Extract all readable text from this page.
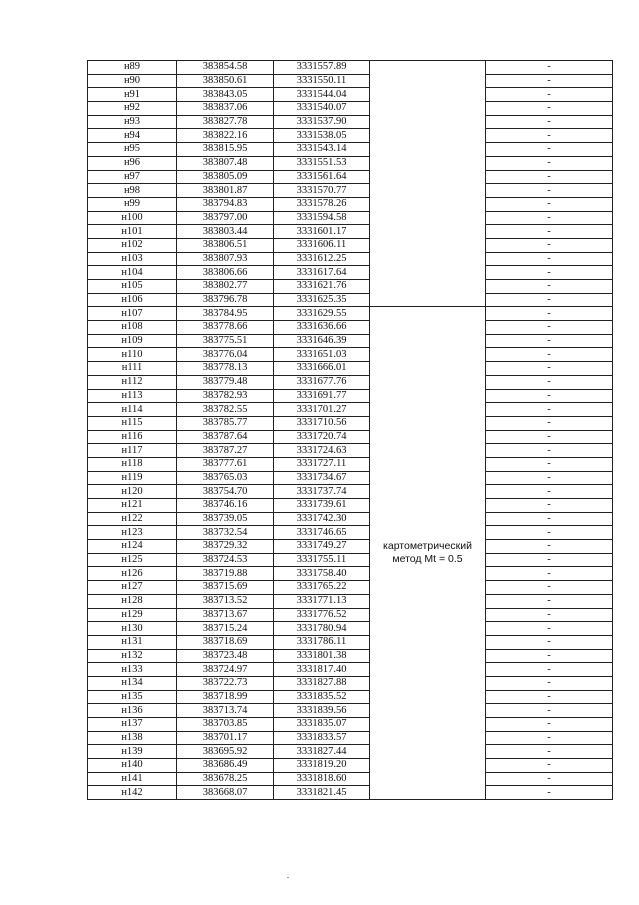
н89	383854.58	3331557.89		-
н90	383850.61	3331550.11		-
н91	383843.05	3331544.04		-
н92	383837.06	3331540.07		-
н93	383827.78	3331537.90		-
н94	383822.16	3331538.05		-
н95	383815.95	3331543.14		-
н96	383807.48	3331551.53		-
н97	383805.09	3331561.64		-
н98	383801.87	3331570.77		-
н99	383794.83	3331578.26		-
н100	383797.00	3331594.58		-
н101	383803.44	3331601.17		-
н102	383806.51	3331606.11		-
н103	383807.93	3331612.25		-
н104	383806.66	3331617.64		-
н105	383802.77	3331621.76		-
н106	383796.78	3331625.35		-
н107	383784.95	3331629.55	картометрический метод Mt = 0.5	-
н108	383778.66	3331636.66		-
н109	383775.51	3331646.39		-
н110	383776.04	3331651.03		-
н111	383778.13	3331666.01		-
н112	383779.48	3331677.76		-
н113	383782.93	3331691.77		-
н114	383782.55	3331701.27		-
н115	383785.77	3331710.56		-
н116	383787.64	3331720.74		-
н117	383787.27	3331724.63		-
н118	383777.61	3331727.11		-
н119	383765.03	3331734.67		-
н120	383754.70	3331737.74		-
н121	383746.16	3331739.61		-
н122	383739.05	3331742.30		-
н123	383732.54	3331746.65		-
н124	383729.32	3331749.27		-
н125	383724.53	3331755.11		-
н126	383719.88	3331758.40		-
н127	383715.69	3331765.22		-
н128	383713.52	3331771.13		-
н129	383713.67	3331776.52		-
н130	383715.24	3331780.94		-
н131	383718.69	3331786.11		-
н132	383723.48	3331801.38		-
н133	383724.97	3331817.40		-
н134	383722.73	3331827.88		-
н135	383718.99	3331835.52		-
н136	383713.74	3331839.56		-
н137	383703.85	3331835.07		-
н138	383701.17	3331833.57		-
н139	383695.92	3331827.44		-
н140	383686.49	3331819.20		-
н141	383678.25	3331818.60		-
н142	383668.07	3331821.45		-
